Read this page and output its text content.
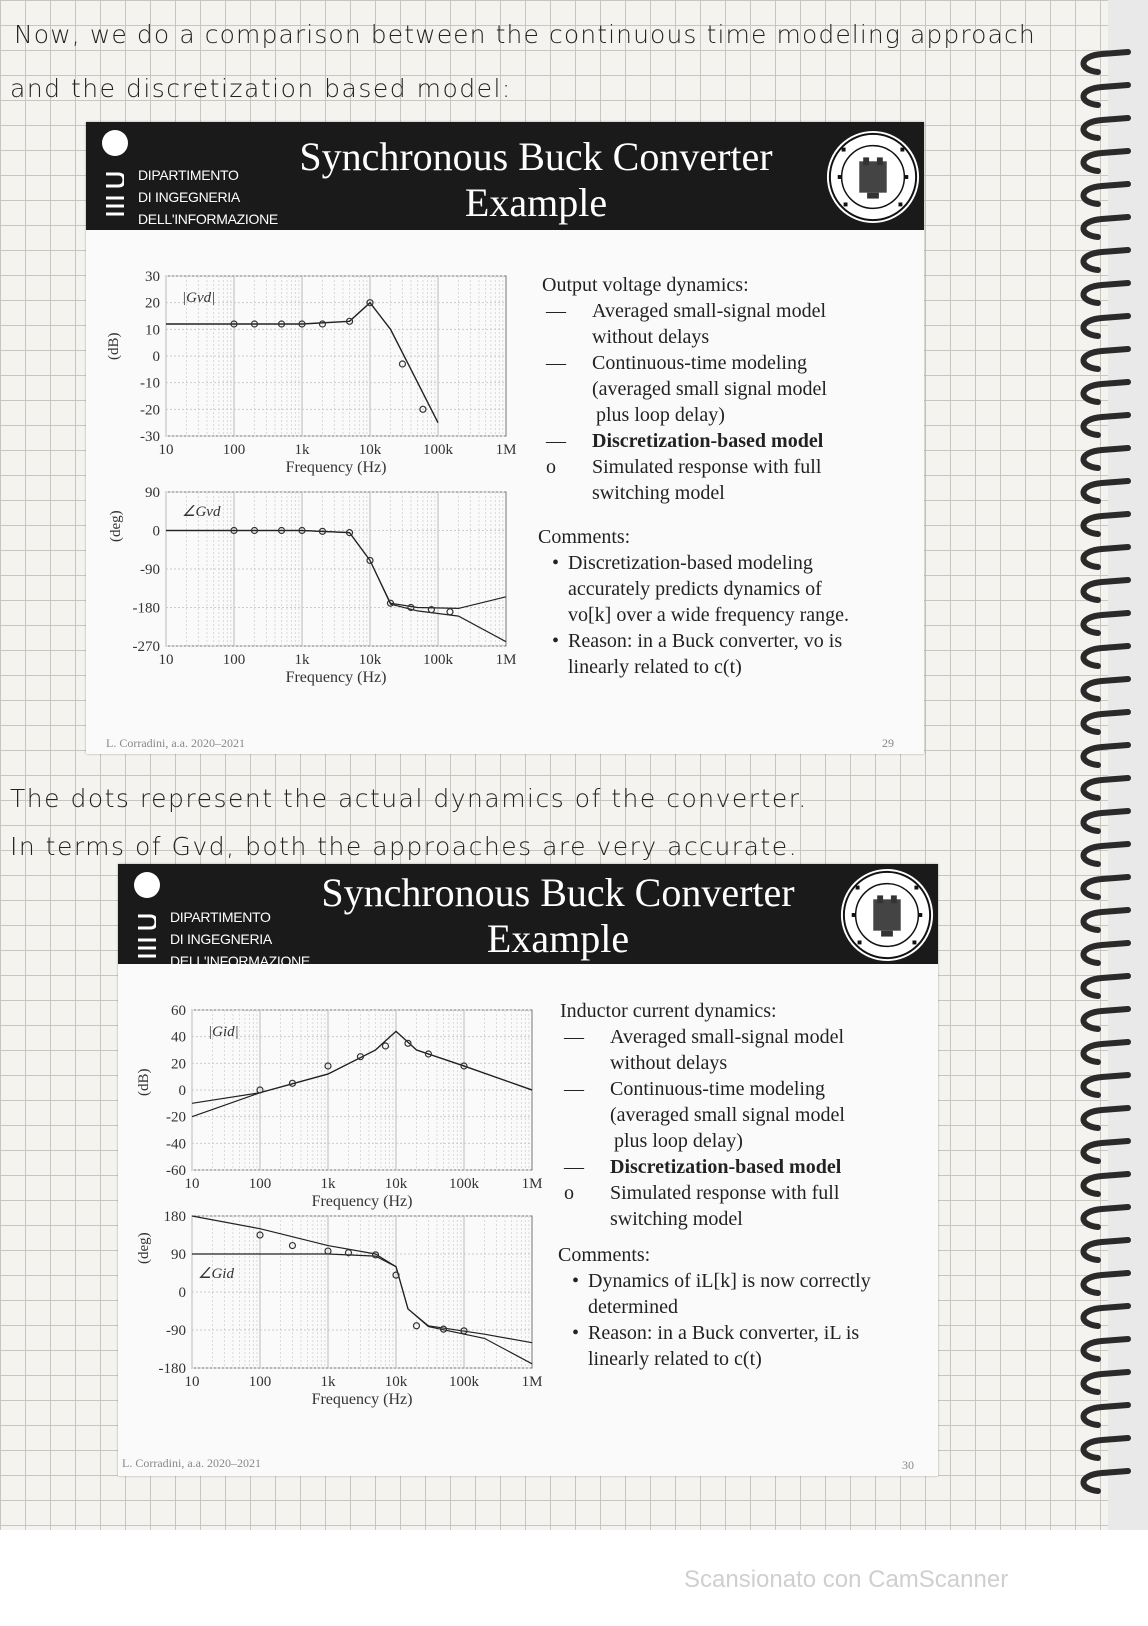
Now, we do a comparison between the continuous time modeling approach
and the discretization based model:
DIPARTIMENTO
DI INGEGNERIA
DELL'INFORMAZIONE
Synchronous Buck Converter
Example
|Gvd|
(dB)
30
20
10
0
-10
-20
-30
10	100	1k	10k	100k	1M
Frequency (Hz)
∠Gvd
(deg)
90
0
-90
-180
-270
10	100	1k	10k	100k	1M
Frequency (Hz)
Output voltage dynamics:
—	Averaged small-signal model
without delays
—	Continuous-time modeling
(averaged small signal model
plus loop delay)
—	Discretization-based model
o	Simulated response with full
switching model
Comments:
• Discretization-based modeling
accurately predicts dynamics of
vo[k] over a wide frequency range.
• Reason: in a Buck converter, vo is
linearly related to c(t)
L. Corradini, a.a. 2020–2021	29
The dots represent the actual dynamics of the converter.
In terms of Gvd, both the approaches are very accurate.
DIPARTIMENTO
DI INGEGNERIA
DELL'INFORMAZIONE
Synchronous Buck Converter
Example
|Gid|
(dB)
60
40
20
0
-20
-40
-60
10	100	1k	10k	100k	1M
Frequency (Hz)
∠Gid
(deg)
180
90
0
-90
-180
10	100	1k	10k	100k	1M
Frequency (Hz)
Inductor current dynamics:
—	Averaged small-signal model
without delays
—	Continuous-time modeling
(averaged small signal model
plus loop delay)
—	Discretization-based model
o	Simulated response with full
switching model
Comments:
• Dynamics of iL[k] is now correctly
determined
• Reason: in a Buck converter, iL is
linearly related to c(t)
L. Corradini, a.a. 2020–2021	30
Scansionato con CamScanner
